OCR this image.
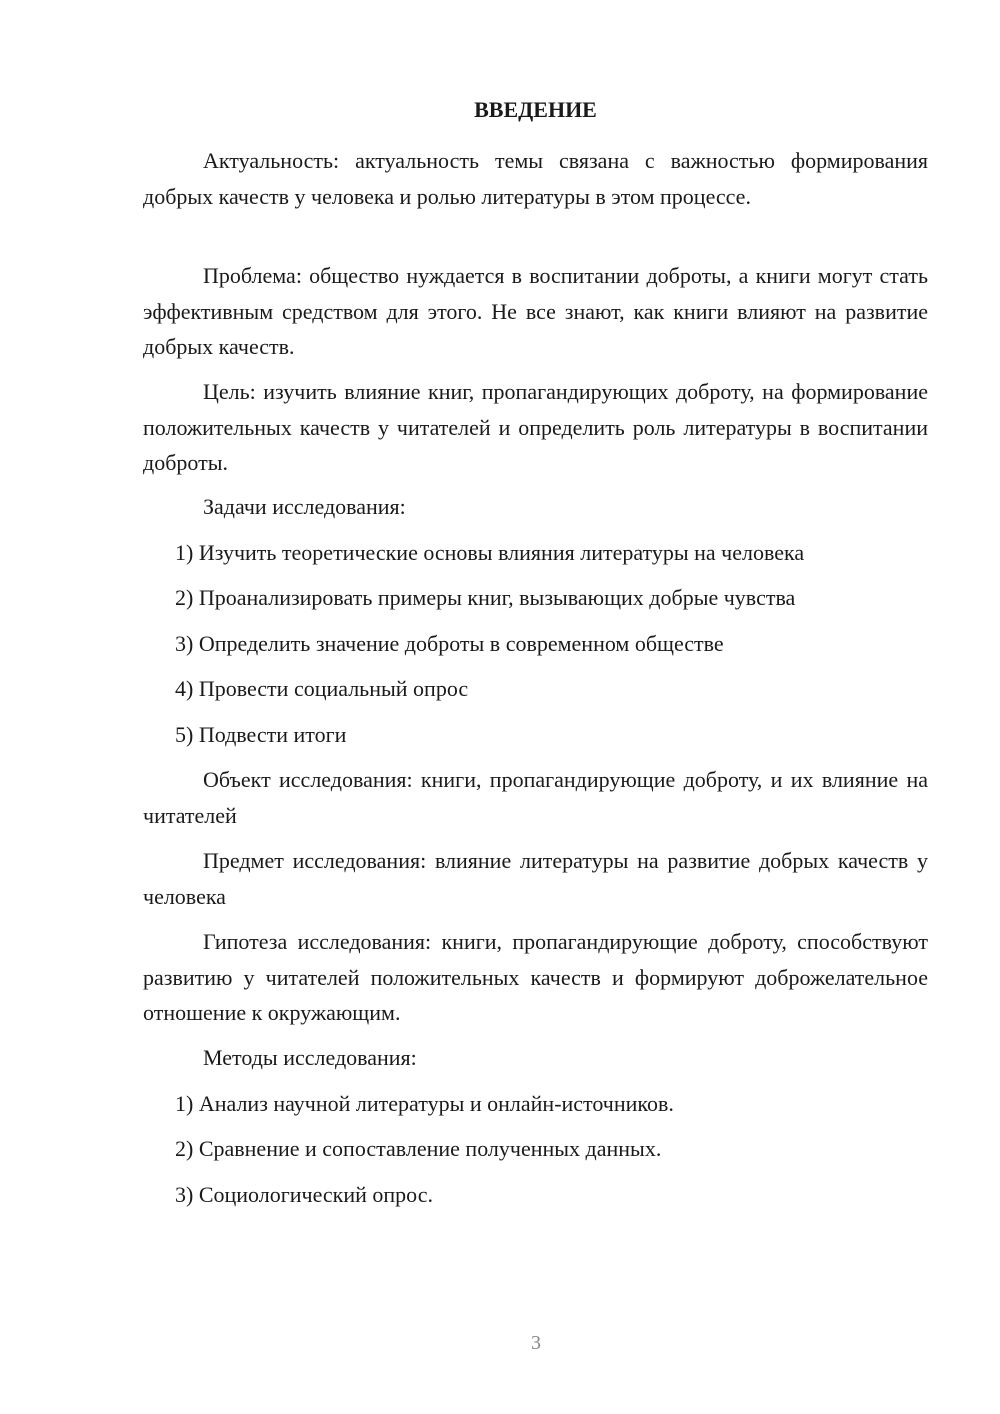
ВВЕДЕНИЕ

Актуальность: актуальность темы связана с важностью формирования добрых качеств у человека и ролью литературы в этом процессе.

Проблема: общество нуждается в воспитании доброты, а книги могут стать эффективным средством для этого. Не все знают, как книги влияют на развитие добрых качеств.

Цель: изучить влияние книг, пропагандирующих доброту, на формирование положительных качеств у читателей и определить роль литературы в воспитании доброты.

Задачи исследования:

1) Изучить теоретические основы влияния литературы на человека

2) Проанализировать примеры книг, вызывающих добрые чувства

3) Определить значение доброты в современном обществе

4) Провести социальный опрос

5) Подвести итоги

Объект исследования: книги, пропагандирующие доброту, и их влияние на читателей

Предмет исследования: влияние литературы на развитие добрых качеств у человека

Гипотеза исследования: книги, пропагандирующие доброту, способствуют развитию у читателей положительных качеств и формируют доброжелательное отношение к окружающим.

Методы исследования:

1) Анализ научной литературы и онлайн-источников.

2) Сравнение и сопоставление полученных данных.

3) Социологический опрос.

3
